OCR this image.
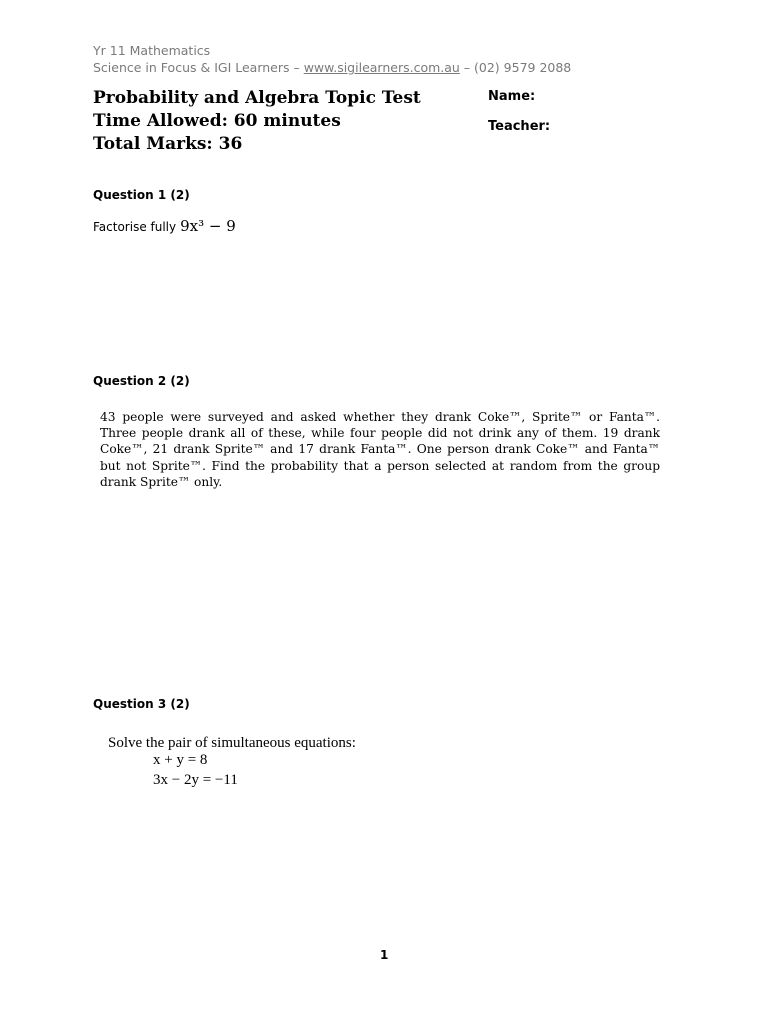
Yr 11 Mathematics
Science in Focus & IGI Learners – www.sigilearners.com.au – (02) 9579 2088
Probability and Algebra Topic Test
Time Allowed: 60 minutes
Total Marks: 36
Name:
Teacher:
Question 1 (2)
Factorise fully 9x³ − 9
Question 2 (2)
43 people were surveyed and asked whether they drank Coke™, Sprite™ or Fanta™. Three people drank all of these, while four people did not drink any of them. 19 drank Coke™, 21 drank Sprite™ and 17 drank Fanta™. One person drank Coke™ and Fanta™ but not Sprite™. Find the probability that a person selected at random from the group drank Sprite™ only.
Question 3 (2)
Solve the pair of simultaneous equations:
x + y = 8
3x − 2y = −11
1
